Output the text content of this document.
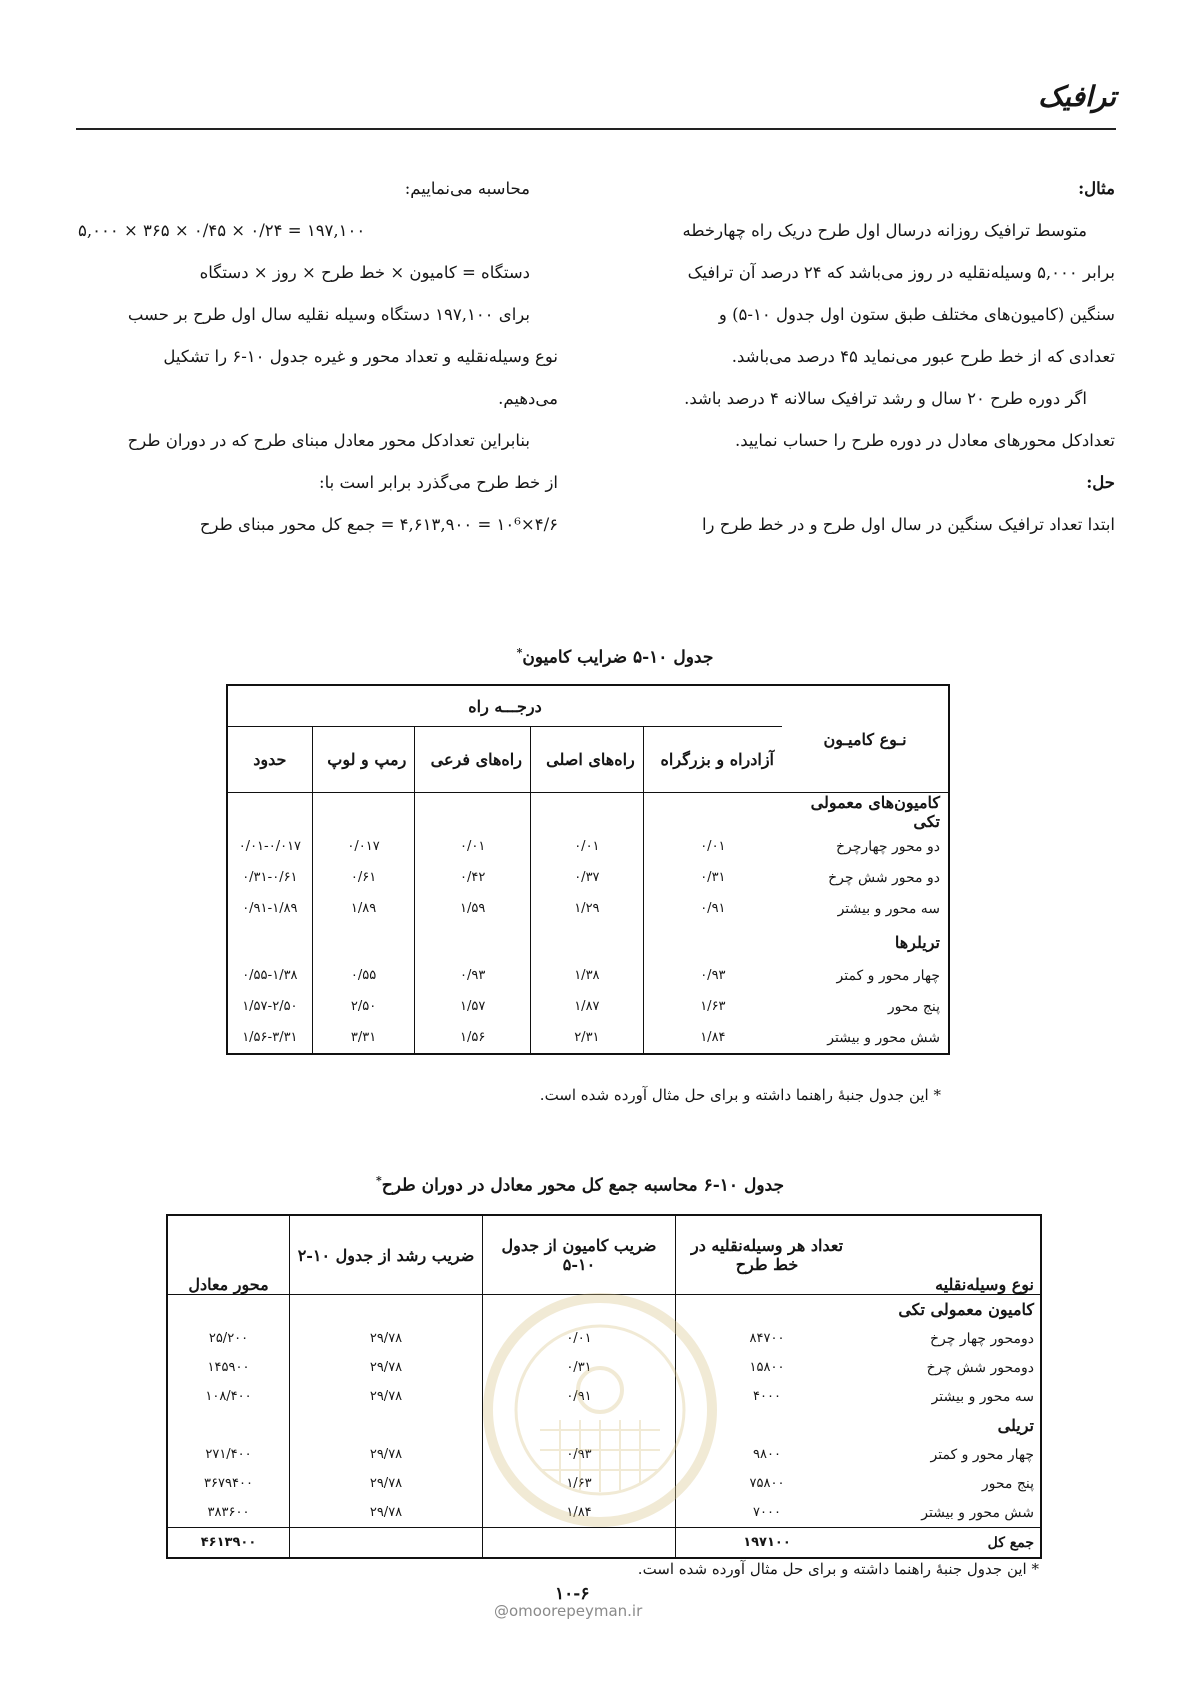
ترافیک

مثال:

متوسط ترافیک روزانه درسال اول طرح دریک راه چهارخطه

برابر ۵,۰۰۰ وسیله‌نقلیه در روز می‌باشد که ۲۴ درصد آن ترافیک

سنگین (کامیون‌های مختلف طبق ستون اول جدول ۱۰-۵) و

تعدادی که از خط طرح عبور می‌نماید ۴۵ درصد می‌باشد.

اگر دوره طرح ۲۰ سال و رشد ترافیک سالانه ۴ درصد باشد.

تعدادکل محورهای معادل در دوره طرح را حساب نمایید.

حل:

ابتدا تعداد ترافیک سنگین در سال اول طرح و در خط طرح را

محاسبه می‌نماییم:

۵,۰۰۰ × ۳۶۵ × ۰/۴۵ × ۰/۲۴ = ۱۹۷,۱۰۰

دستگاه = کامیون × خط طرح × روز × دستگاه

برای ۱۹۷,۱۰۰ دستگاه وسیله نقلیه سال اول طرح بر حسب

نوع وسیله‌نقلیه و تعداد محور و غیره جدول ۱۰-۶ را تشکیل

می‌دهیم.

بنابراین تعدادکل محور معادل مبنای طرح که در دوران طرح

از خط طرح می‌گذرد برابر است با:

۴/۶×۱۰⁶ = ۴,۶۱۳,۹۰۰ = جمع کل محور مبنای طرح

جدول ۱۰-۵ ضرایب کامیون*
نـوع کامیـون	درجـــه راه				
	آزادراه و بزرگراه	راه‌های اصلی	راه‌های فرعی	رمپ و لوپ	حدود
کامیون‌های معمولی تکی					
دو محور چهارچرخ	۰/۰۱	۰/۰۱	۰/۰۱	۰/۰۱۷	۰/۰۱-۰/۰۱۷
دو محور شش چرخ	۰/۳۱	۰/۳۷	۰/۴۲	۰/۶۱	۰/۳۱-۰/۶۱
سه محور و بیشتر	۰/۹۱	۱/۲۹	۱/۵۹	۱/۸۹	۰/۹۱-۱/۸۹
تریلرها					
چهار محور و کمتر	۰/۹۳	۱/۳۸	۰/۹۳	۰/۵۵	۰/۵۵-۱/۳۸
پنج محور	۱/۶۳	۱/۸۷	۱/۵۷	۲/۵۰	۱/۵۷-۲/۵۰
شش محور و بیشتر	۱/۸۴	۲/۳۱	۱/۵۶	۳/۳۱	۱/۵۶-۳/۳۱
* این جدول جنبهٔ راهنما داشته و برای حل مثال آورده شده است.
جدول ۱۰-۶ محاسبه جمع کل محور معادل در دوران طرح*
نوع وسیله‌نقلیه	تعداد هر وسیله‌نقلیه در خط طرح	ضریب کامیون از جدول ۱۰-۵	ضریب رشد از جدول ۱۰-۲	محور معادل
کامیون معمولی تکی				
دومحور چهار چرخ	۸۴۷۰۰	۰/۰۱	۲۹/۷۸	۲۵/۲۰۰
دومحور شش چرخ	۱۵۸۰۰	۰/۳۱	۲۹/۷۸	۱۴۵۹۰۰
سه محور و بیشتر	۴۰۰۰	۰/۹۱	۲۹/۷۸	۱۰۸/۴۰۰
تریلی				
چهار محور و کمتر	۹۸۰۰	۰/۹۳	۲۹/۷۸	۲۷۱/۴۰۰
پنج محور	۷۵۸۰۰	۱/۶۳	۲۹/۷۸	۳۶۷۹۴۰۰
شش محور و بیشتر	۷۰۰۰	۱/۸۴	۲۹/۷۸	۳۸۳۶۰۰
جمع کل	۱۹۷۱۰۰			۴۶۱۳۹۰۰
* این جدول جنبهٔ راهنما داشته و برای حل مثال آورده شده است.
۱۰-۶
@omoorepeyman.ir
